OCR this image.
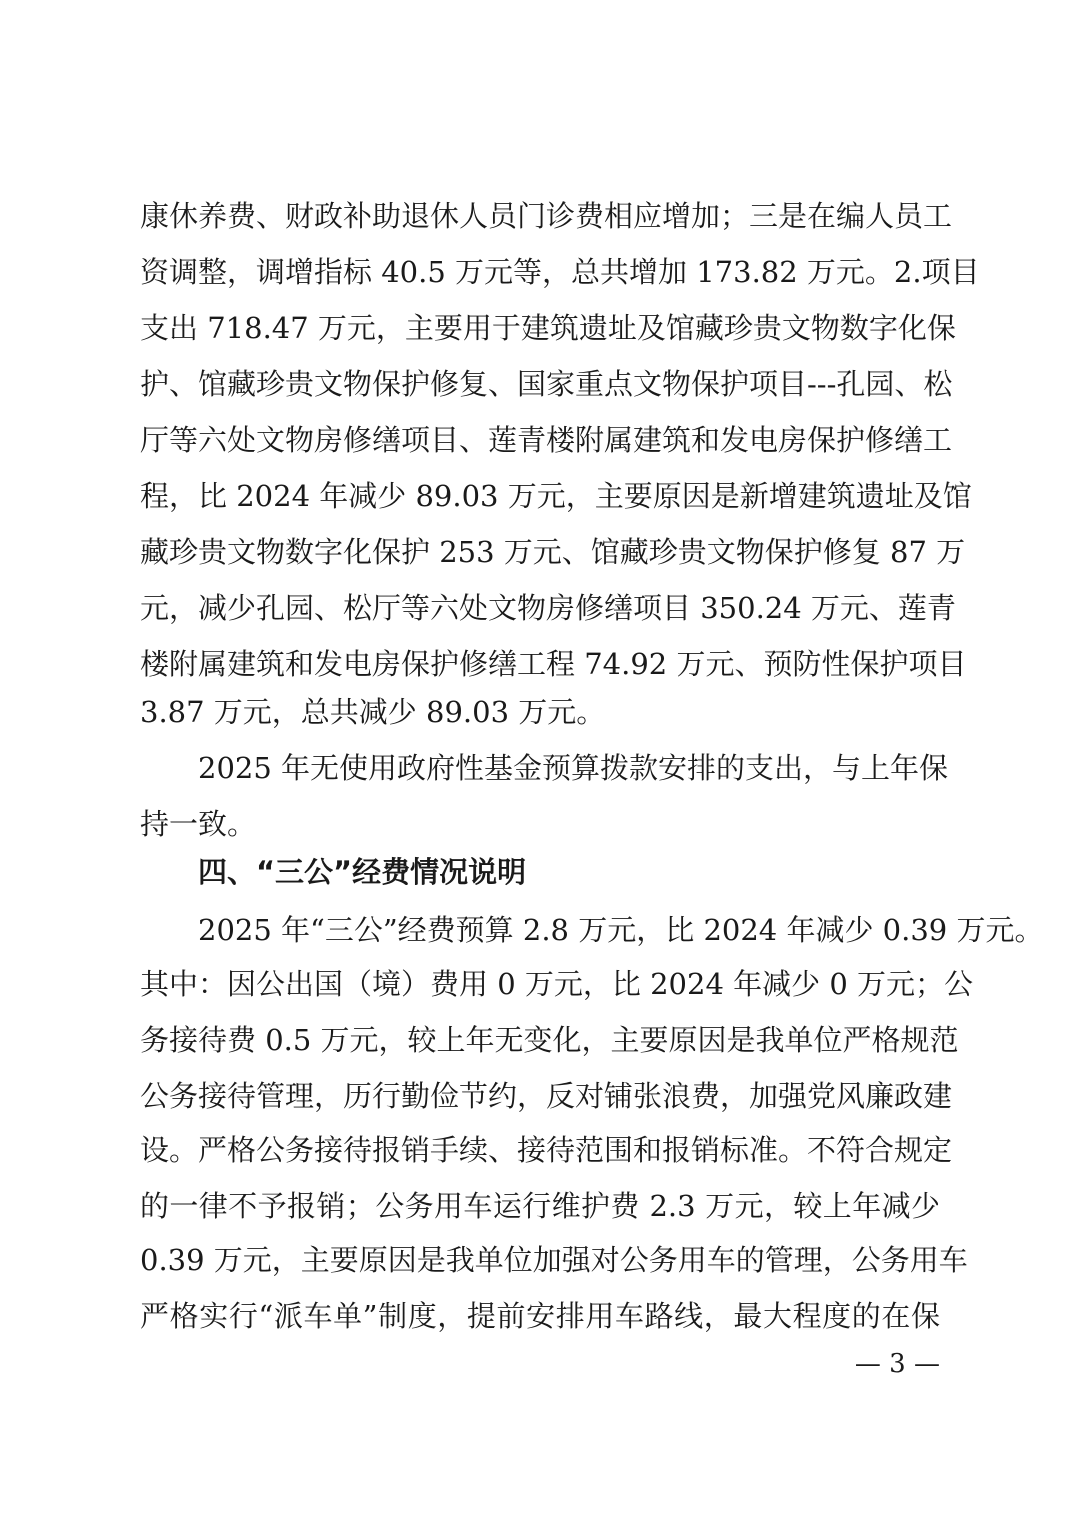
康休养费、财政补助退休人员门诊费相应增加；三是在编人员工
资调整，调增指标 40.5 万元等，总共增加 173.82 万元。2.项目
支出 718.47 万元，主要用于建筑遗址及馆藏珍贵文物数字化保
护、馆藏珍贵文物保护修复、国家重点文物保护项目---孔园、松
厅等六处文物房修缮项目、莲青楼附属建筑和发电房保护修缮工
程，比 2024 年减少 89.03 万元，主要原因是新增建筑遗址及馆
藏珍贵文物数字化保护 253 万元、馆藏珍贵文物保护修复 87 万
元，减少孔园、松厅等六处文物房修缮项目 350.24 万元、莲青
楼附属建筑和发电房保护修缮工程 74.92 万元、预防性保护项目
3.87 万元，总共减少 89.03 万元。
2025 年无使用政府性基金预算拨款安排的支出，与上年保
持一致。
四、“三公”经费情况说明
2025 年“三公”经费预算 2.8 万元，比 2024 年减少 0.39 万元。
其中：因公出国（境）费用 0 万元，比 2024 年减少 0 万元；公
务接待费 0.5 万元，较上年无变化，主要原因是我单位严格规范
公务接待管理，历行勤俭节约，反对铺张浪费，加强党风廉政建
设。严格公务接待报销手续、接待范围和报销标准。不符合规定
的一律不予报销；公务用车运行维护费 2.3 万元，较上年减少
0.39 万元，主要原因是我单位加强对公务用车的管理，公务用车
严格实行“派车单”制度，提前安排用车路线，最大程度的在保
— 3 —
